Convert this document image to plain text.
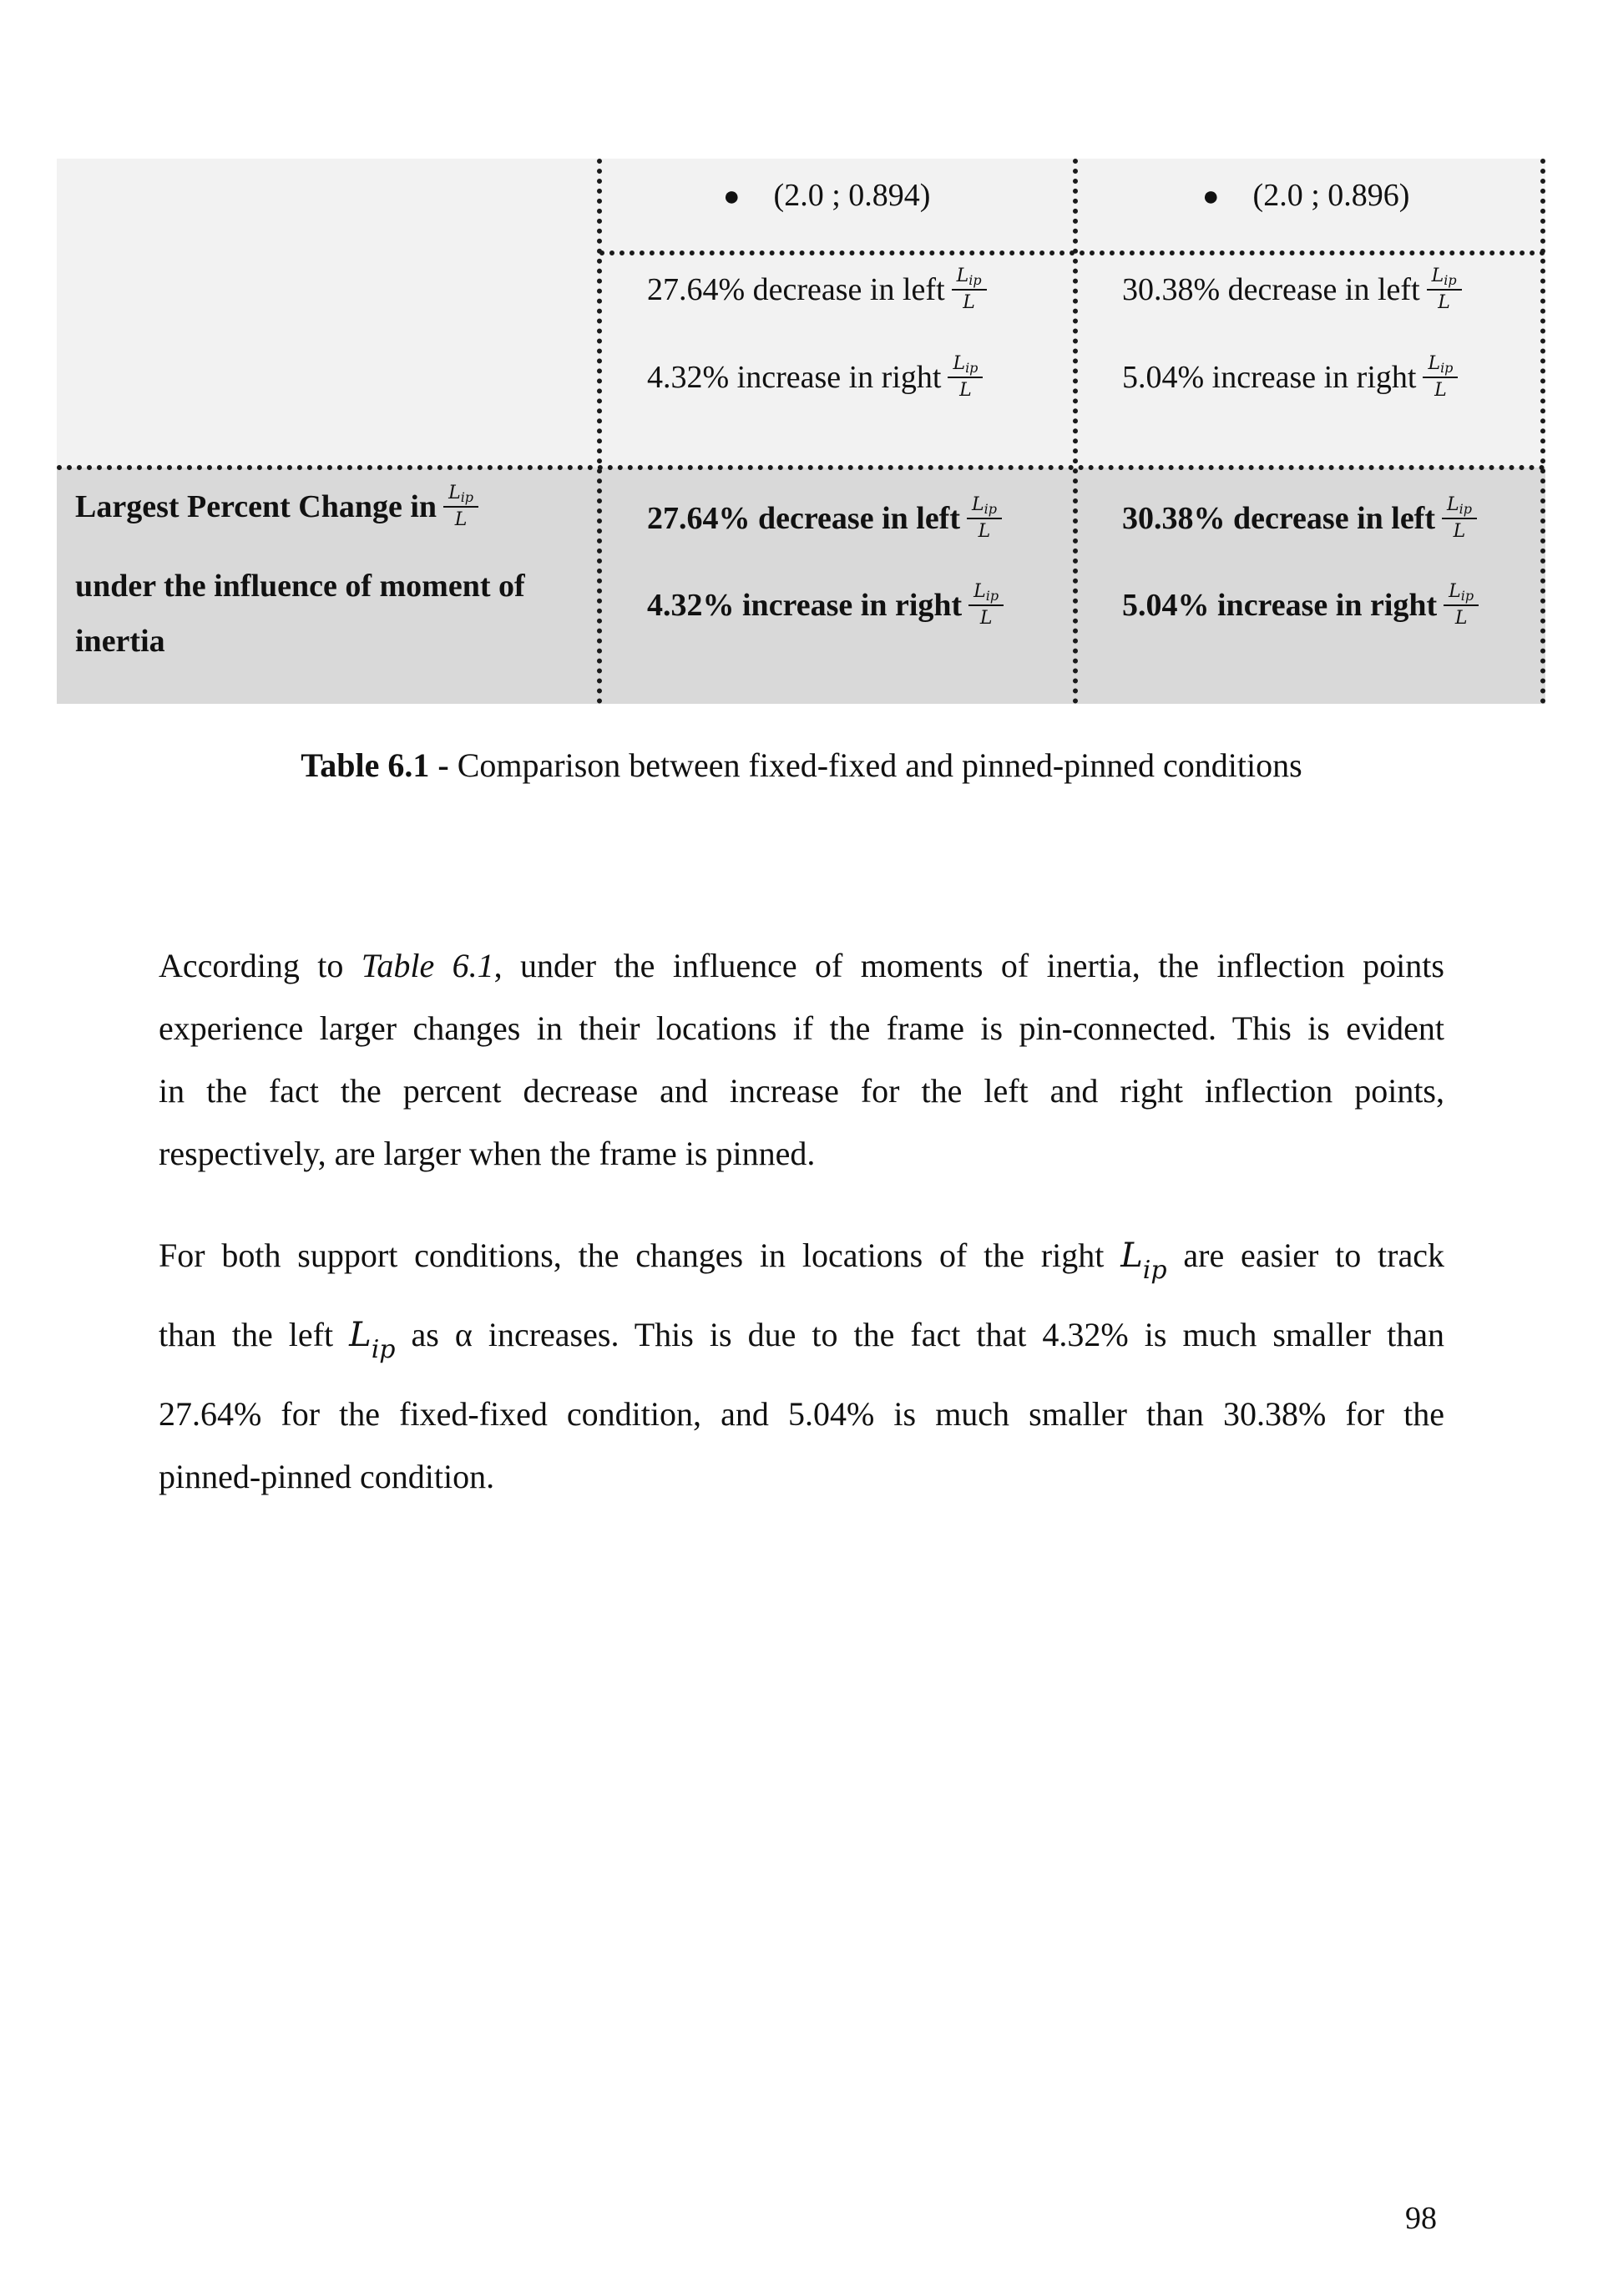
● (2.0 ; 0.894)
27.64% decrease in left $\frac{L_{ip}}{L}$
4.32% increase in right $\frac{L_{ip}}{L}$
● (2.0 ; 0.896)
30.38% decrease in left $\frac{L_{ip}}{L}$
5.04% increase in right $\frac{L_{ip}}{L}$
Largest Percent Change in $\frac{L_{ip}}{L}$
under the influence of moment of
inertia
27.64% decrease in left $\frac{L_{ip}}{L}$
4.32% increase in right $\frac{L_{ip}}{L}$
30.38% decrease in left $\frac{L_{ip}}{L}$
5.04% increase in right $\frac{L_{ip}}{L}$
Table 6.1 - Comparison between fixed-fixed and pinned-pinned conditions
According to Table 6.1, under the influence of moments of inertia, the inflection points
experience larger changes in their locations if the frame is pin-connected. This is evident
in the fact the percent decrease and increase for the left and right inflection points,
respectively, are larger when the frame is pinned.
For both support conditions, the changes in locations of the right $L_{ip}$ are easier to track
than the left $L_{ip}$ as α increases. This is due to the fact that 4.32% is much smaller than
27.64% for the fixed-fixed condition, and 5.04% is much smaller than 30.38% for the
pinned-pinned condition.
98
